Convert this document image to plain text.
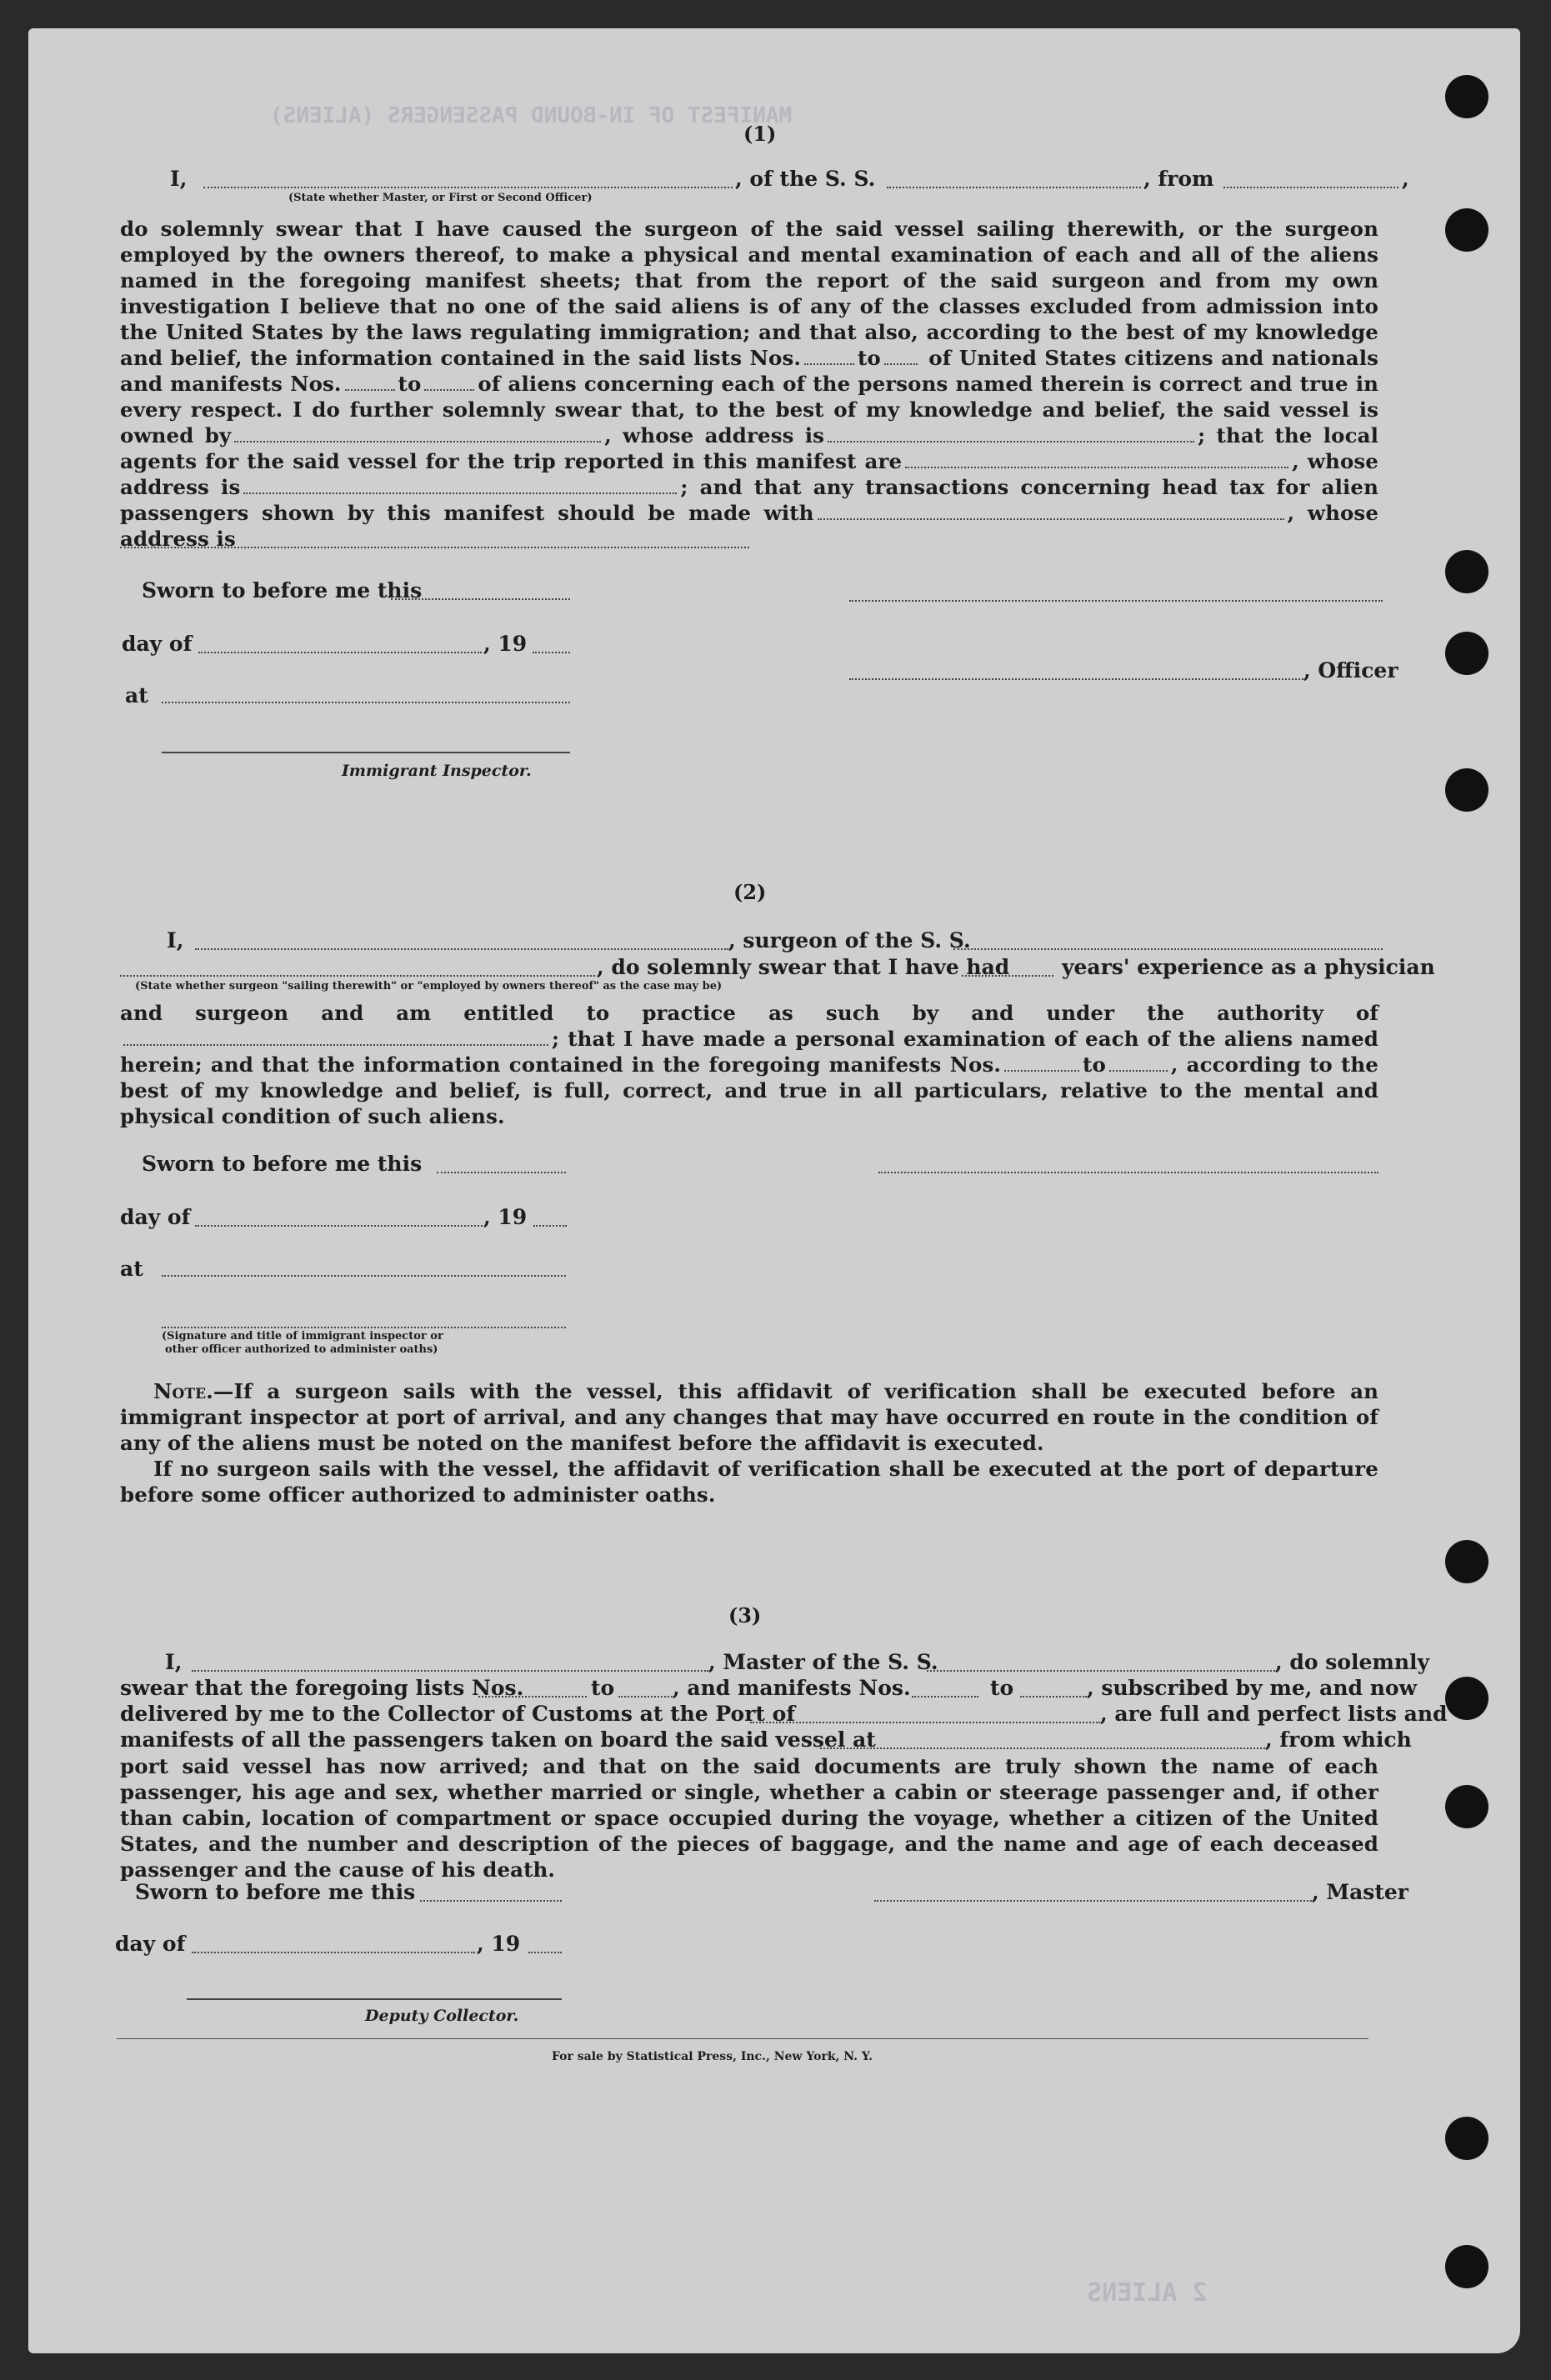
MANIFEST OF IN-BOUND PASSENGERS (ALIENS)
2 ALIENS
(1)
I,	, of the S. S.	, from	,
(State whether Master, or First or Second Officer)
do solemnly swear that I have caused the surgeon of the said vessel sailing therewith, or the surgeon employed by the owners thereof, to make a physical and mental examination of each and all of the aliens named in the foregoing manifest sheets; that from the report of the said surgeon and from my own investigation I believe that no one of the said aliens is of any of the classes excluded from admission into the United States by the laws regulating immigration; and that also, according to the best of my knowledge and belief, the information contained in the said lists Nos.	to of United States citizens and nationals and manifests Nos.	to	of aliens concerning each of the persons named therein is correct and true in every respect. I do further solemnly swear that, to the best of my knowledge and belief, the said vessel is owned by	, whose address is	; that the local agents for the said vessel for the trip reported in this manifest are	, whose address is	; and that any transactions concerning head tax for alien passengers shown by this manifest should be made with	, whose address is
Sworn to before me this
day of	, 19
at
Immigrant Inspector.
, Officer
(2)
I,	, surgeon of the S. S.
, do solemnly swear that I have had	years' experience as a physician
(State whether surgeon "sailing therewith" or "employed by owners thereof" as the case may be)
and surgeon and am entitled to practice as such by and under the authority of; that I have made a personal examination of each of the aliens named herein; and that the information contained in the foregoing manifests Nos.	to	, according to the best of my knowledge and belief, is full, correct, and true in all particulars, relative to the mental and physical condition of such aliens.
Sworn to before me this
day of	, 19
at
(Signature and title of immigrant inspector or
other officer authorized to administer oaths)
Note.—If a surgeon sails with the vessel, this affidavit of verification shall be executed before an immigrant inspector at port of arrival, and any changes that may have occurred en route in the condition of any of the aliens must be noted on the manifest before the affidavit is executed.
If no surgeon sails with the vessel, the affidavit of verification shall be executed at the port of departure before some officer authorized to administer oaths.
(3)
I,	, Master of the S. S.	, do solemnly
swear that the foregoing lists Nos.	to	, and manifests Nos.	to	, subscribed by me, and now
delivered by me to the Collector of Customs at the Port of	, are full and perfect lists and
manifests of all the passengers taken on board the said vessel at	, from which
port said vessel has now arrived; and that on the said documents are truly shown the name of each passenger, his age and sex, whether married or single, whether a cabin or steerage passenger and, if other than cabin, location of compartment or space occupied during the voyage, whether a citizen of the United States, and the number and description of the pieces of baggage, and the name and age of each deceased passenger and the cause of his death.
Sworn to before me this	, Master
day of	, 19
Deputy Collector.
For sale by Statistical Press, Inc., New York, N. Y.
